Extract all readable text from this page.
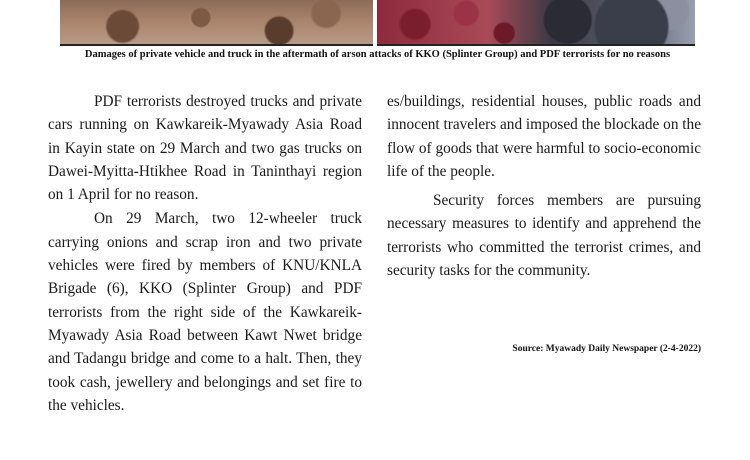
Damages of private vehicle and truck in the aftermath of arson attacks of KKO (Splinter Group) and PDF terrorists for no reasons

PDF terrorists destroyed trucks and private cars running on Kawkareik-Myawady Asia Road in Kayin state on 29 March and two gas trucks on Dawei-Myitta-Htikhee Road in Taninthayi region on 1 April for no reason.

On 29 March, two 12-wheeler truck carrying onions and scrap iron and two private vehicles were fired by members of KNU/KNLA Brigade (6), KKO (Splinter Group) and PDF terrorists from the right side of the Kawkareik-Myawady Asia Road between Kawt Nwet bridge and Tadangu bridge and come to a halt. Then, they took cash, jewellery and belongings and set fire to the vehicles.

es/buildings, residential houses, public roads and innocent travelers and imposed the blockade on the flow of goods that were harmful to socio-economic life of the people.

Security forces members are pursuing necessary measures to identify and apprehend the terrorists who committed the terrorist crimes, and security tasks for the community.

Source: Myawady Daily Newspaper (2-4-2022)
